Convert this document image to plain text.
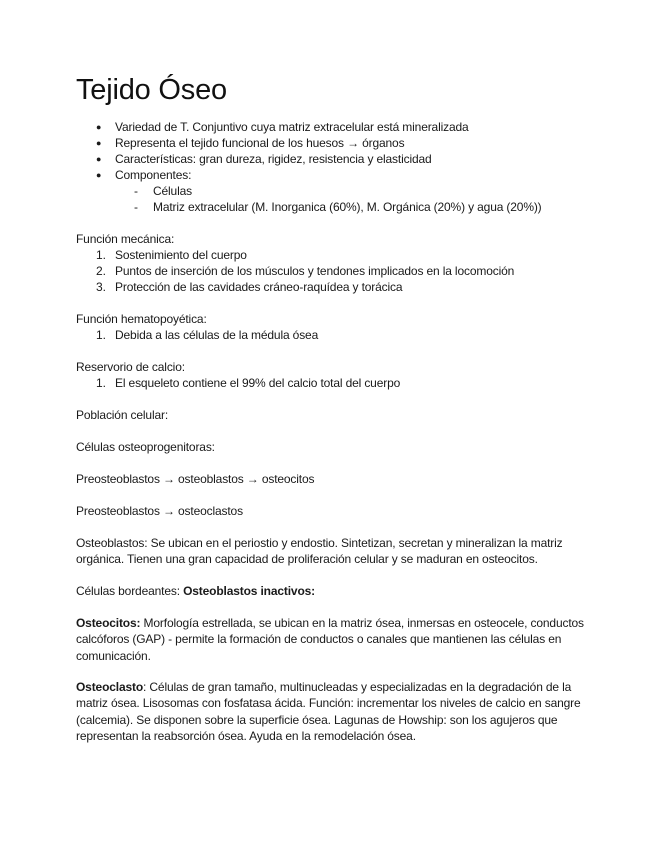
Tejido Óseo
● Variedad de T. Conjuntivo cuya matriz extracelular está mineralizada
● Representa el tejido funcional de los huesos → órganos
● Características: gran dureza, rigidez, resistencia y elasticidad
● Componentes:
- Células
- Matriz extracelular (M. Inorganica (60%), M. Orgánica (20%) y agua (20%))
Función mecánica:
1. Sostenimiento del cuerpo
2. Puntos de inserción de los músculos y tendones implicados en la locomoción
3. Protección de las cavidades cráneo-raquídea y torácica
Función hematopoyética:
1. Debida a las células de la médula ósea
Reservorio de calcio:
1. El esqueleto contiene el 99% del calcio total del cuerpo
Población celular:
Células osteoprogenitoras:
Preosteoblastos → osteoblastos → osteocitos
Preosteoblastos → osteoclastos
Osteoblastos: Se ubican en el periostio y endostio. Sintetizan, secretan y mineralizan la matriz orgánica. Tienen una gran capacidad de proliferación celular y se maduran en osteocitos.
Células bordeantes: Osteoblastos inactivos:
Osteocitos: Morfología estrellada, se ubican en la matriz ósea, inmersas en osteocele, conductos calcóforos (GAP) - permite la formación de conductos o canales que mantienen las células en comunicación.
Osteoclasto: Células de gran tamaño, multinucleadas y especializadas en la degradación de la matriz ósea. Lisosomas con fosfatasa ácida. Función: incrementar los niveles de calcio en sangre (calcemia). Se disponen sobre la superficie ósea. Lagunas de Howship: son los agujeros que representan la reabsorción ósea. Ayuda en la remodelación ósea.
